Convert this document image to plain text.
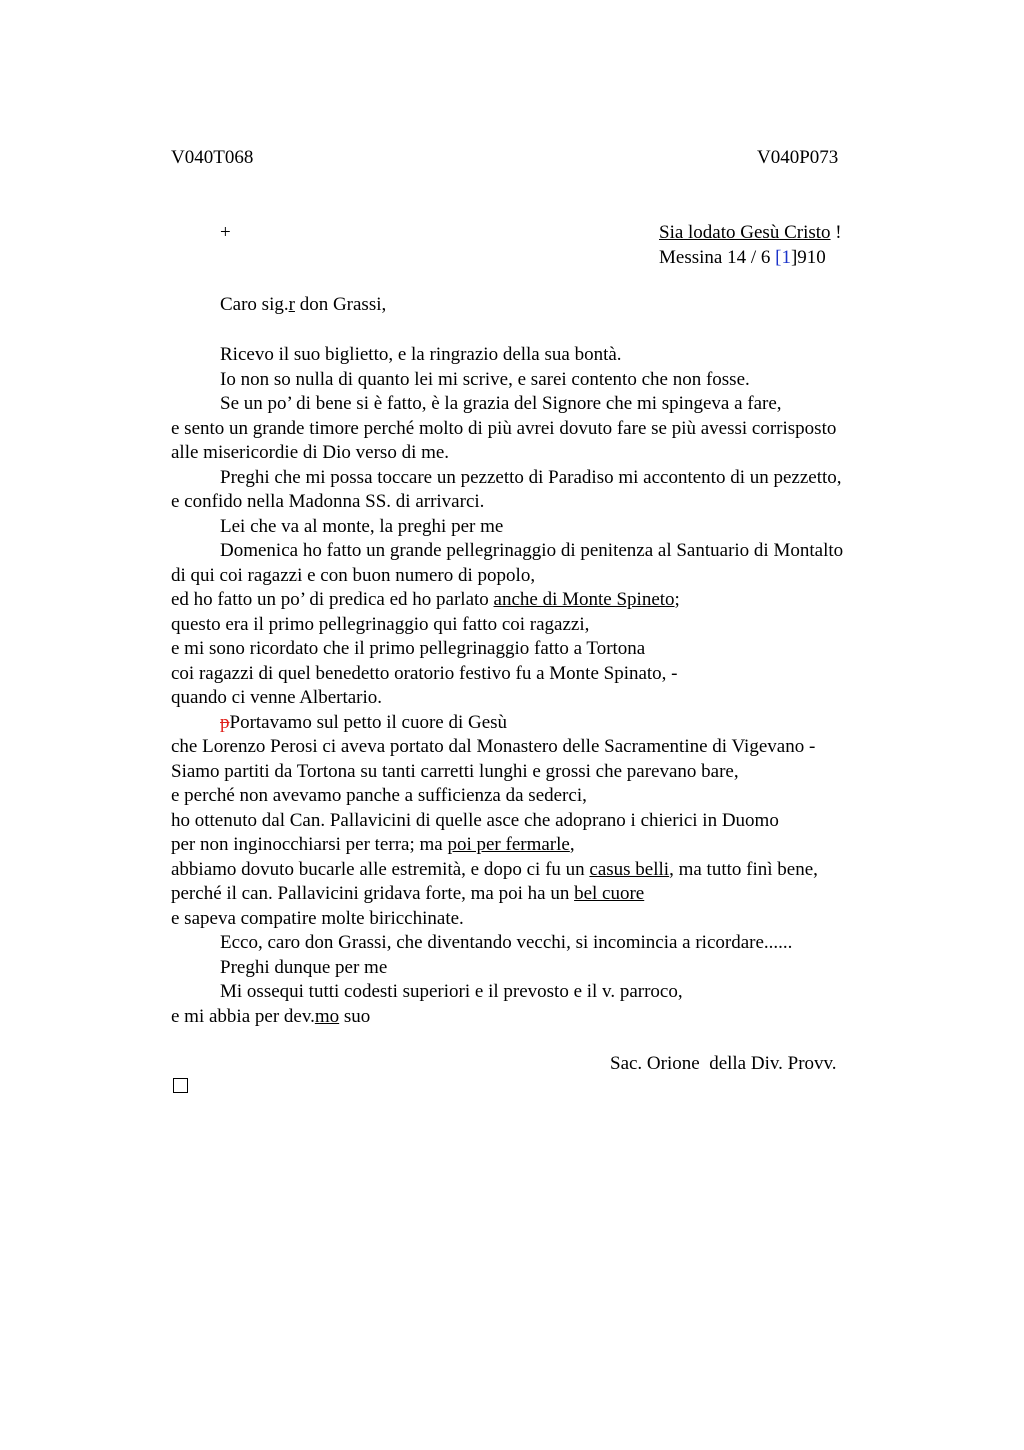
V040T068	V040P073
+	Sia lodato Gesù Cristo !
Messina 14 / 6 [1]910
Caro sig.r don Grassi,
Ricevo il suo biglietto, e la ringrazio della sua bontà.
Io non so nulla di quanto lei mi scrive, e sarei contento che non fosse.
Se un po’ di bene si è fatto, è la grazia del Signore che mi spingeva a fare,
e sento un grande timore perché molto di più avrei dovuto fare se più avessi corrisposto
alle misericordie di Dio verso di me.
Preghi che mi possa toccare un pezzetto di Paradiso mi accontento di un pezzetto,
e confido nella Madonna SS. di arrivarci.
Lei che va al monte, la preghi per me
Domenica ho fatto un grande pellegrinaggio di penitenza al Santuario di Montalto
di qui coi ragazzi e con buon numero di popolo,
ed ho fatto un po’ di predica ed ho parlato anche di Monte Spineto;
questo era il primo pellegrinaggio qui fatto coi ragazzi,
e mi sono ricordato che il primo pellegrinaggio fatto a Tortona
coi ragazzi di quel benedetto oratorio festivo fu a Monte Spinato, -
quando ci venne Albertario.
pPortavamo sul petto il cuore di Gesù
che Lorenzo Perosi ci aveva portato dal Monastero delle Sacramentine di Vigevano -
Siamo partiti da Tortona su tanti carretti lunghi e grossi che parevano bare,
e perché non avevamo panche a sufficienza da sederci,
ho ottenuto dal Can. Pallavicini di quelle asce che adoprano i chierici in Duomo
per non inginocchiarsi per terra; ma poi per fermarle,
abbiamo dovuto bucarle alle estremità, e dopo ci fu un casus belli, ma tutto finì bene,
perché il can. Pallavicini gridava forte, ma poi ha un bel cuore
e sapeva compatire molte biricchinate.
Ecco, caro don Grassi, che diventando vecchi, si incomincia a ricordare......
Preghi dunque per me
Mi ossequi tutti codesti superiori e il prevosto e il v. parroco,
e mi abbia per dev.mo suo
Sac. Orione  della Div. Provv.
